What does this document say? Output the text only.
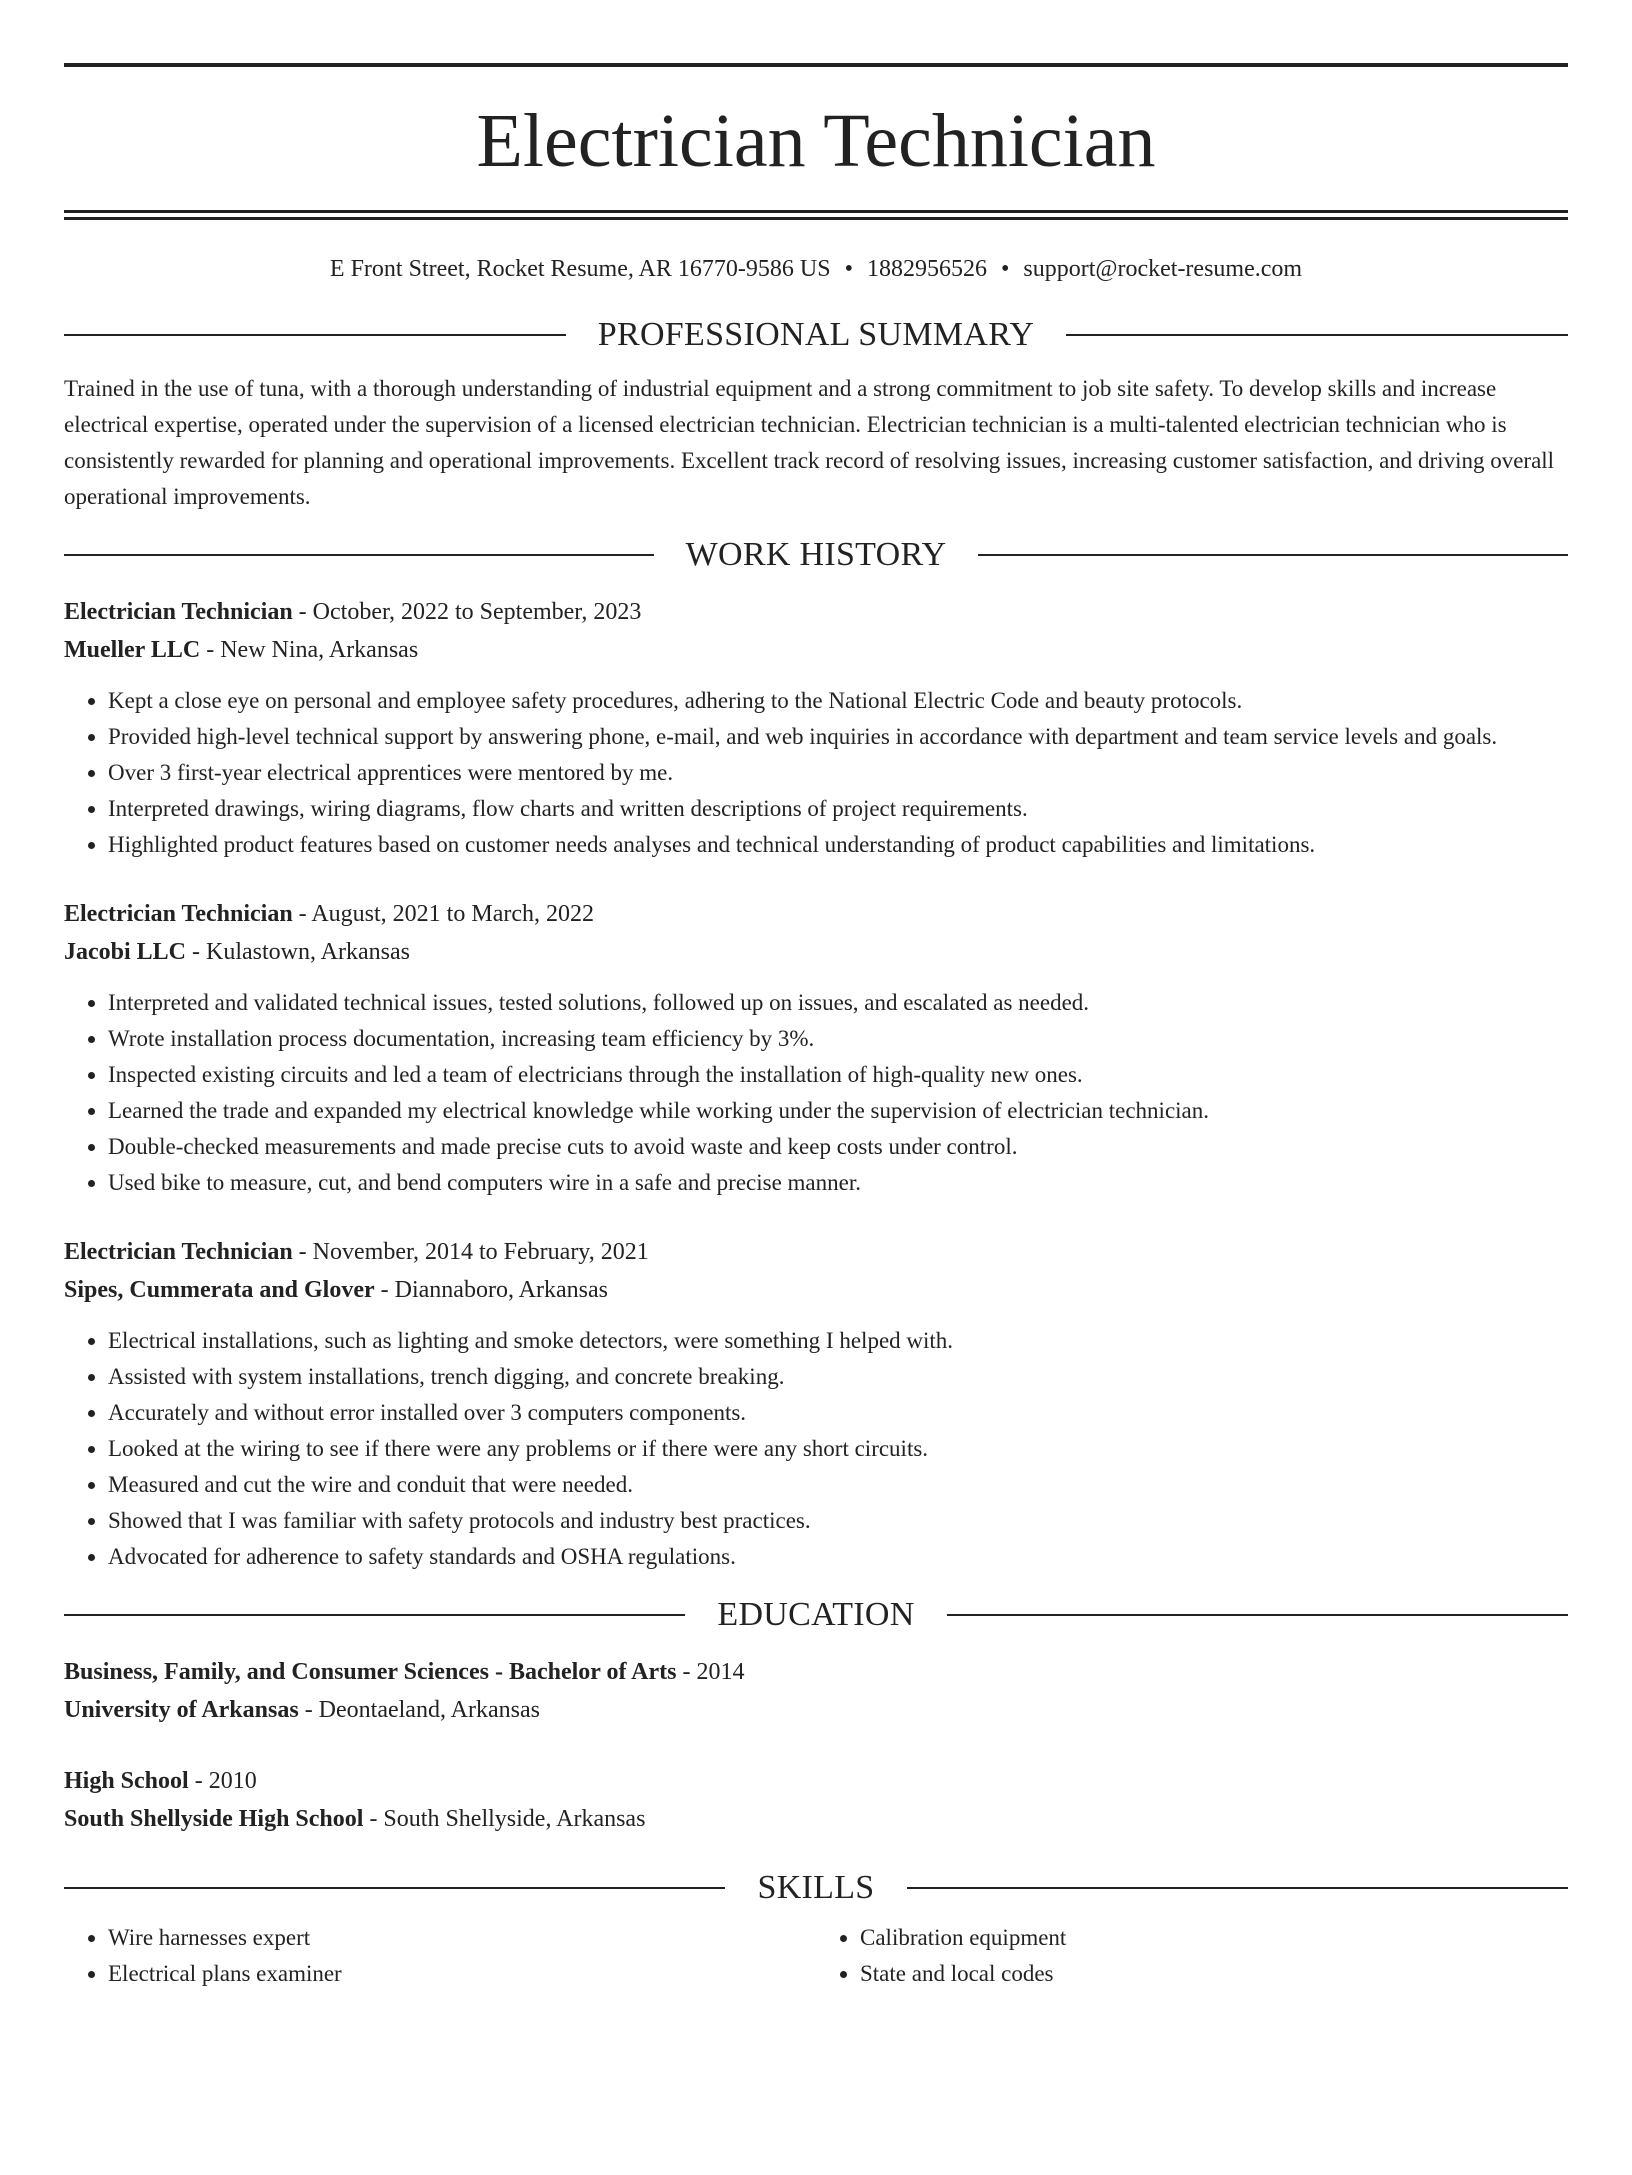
Electrician Technician
E Front Street, Rocket Resume, AR 16770-9586 US • 1882956526 • support@rocket-resume.com
PROFESSIONAL SUMMARY

Trained in the use of tuna, with a thorough understanding of industrial equipment and a strong commitment to job site safety. To develop skills and increase electrical expertise, operated under the supervision of a licensed electrician technician. Electrician technician is a multi-talented electrician technician who is consistently rewarded for planning and operational improvements. Excellent track record of resolving issues, increasing customer satisfaction, and driving overall operational improvements.

WORK HISTORY
Electrician Technician - October, 2022 to September, 2023
Mueller LLC - New Nina, Arkansas
• Kept a close eye on personal and employee safety procedures, adhering to the National Electric Code and beauty protocols.
• Provided high-level technical support by answering phone, e-mail, and web inquiries in accordance with department and team service levels and goals.
• Over 3 first-year electrical apprentices were mentored by me.
• Interpreted drawings, wiring diagrams, flow charts and written descriptions of project requirements.
• Highlighted product features based on customer needs analyses and technical understanding of product capabilities and limitations.
Electrician Technician - August, 2021 to March, 2022
Jacobi LLC - Kulastown, Arkansas
• Interpreted and validated technical issues, tested solutions, followed up on issues, and escalated as needed.
• Wrote installation process documentation, increasing team efficiency by 3%.
• Inspected existing circuits and led a team of electricians through the installation of high-quality new ones.
• Learned the trade and expanded my electrical knowledge while working under the supervision of electrician technician.
• Double-checked measurements and made precise cuts to avoid waste and keep costs under control.
• Used bike to measure, cut, and bend computers wire in a safe and precise manner.
Electrician Technician - November, 2014 to February, 2021
Sipes, Cummerata and Glover - Diannaboro, Arkansas
• Electrical installations, such as lighting and smoke detectors, were something I helped with.
• Assisted with system installations, trench digging, and concrete breaking.
• Accurately and without error installed over 3 computers components.
• Looked at the wiring to see if there were any problems or if there were any short circuits.
• Measured and cut the wire and conduit that were needed.
• Showed that I was familiar with safety protocols and industry best practices.
• Advocated for adherence to safety standards and OSHA regulations.
EDUCATION
Business, Family, and Consumer Sciences - Bachelor of Arts - 2014
University of Arkansas - Deontaeland, Arkansas
High School - 2010
South Shellyside High School - South Shellyside, Arkansas
SKILLS
• Wire harnesses expert
• Electrical plans examiner
• Calibration equipment
• State and local codes
